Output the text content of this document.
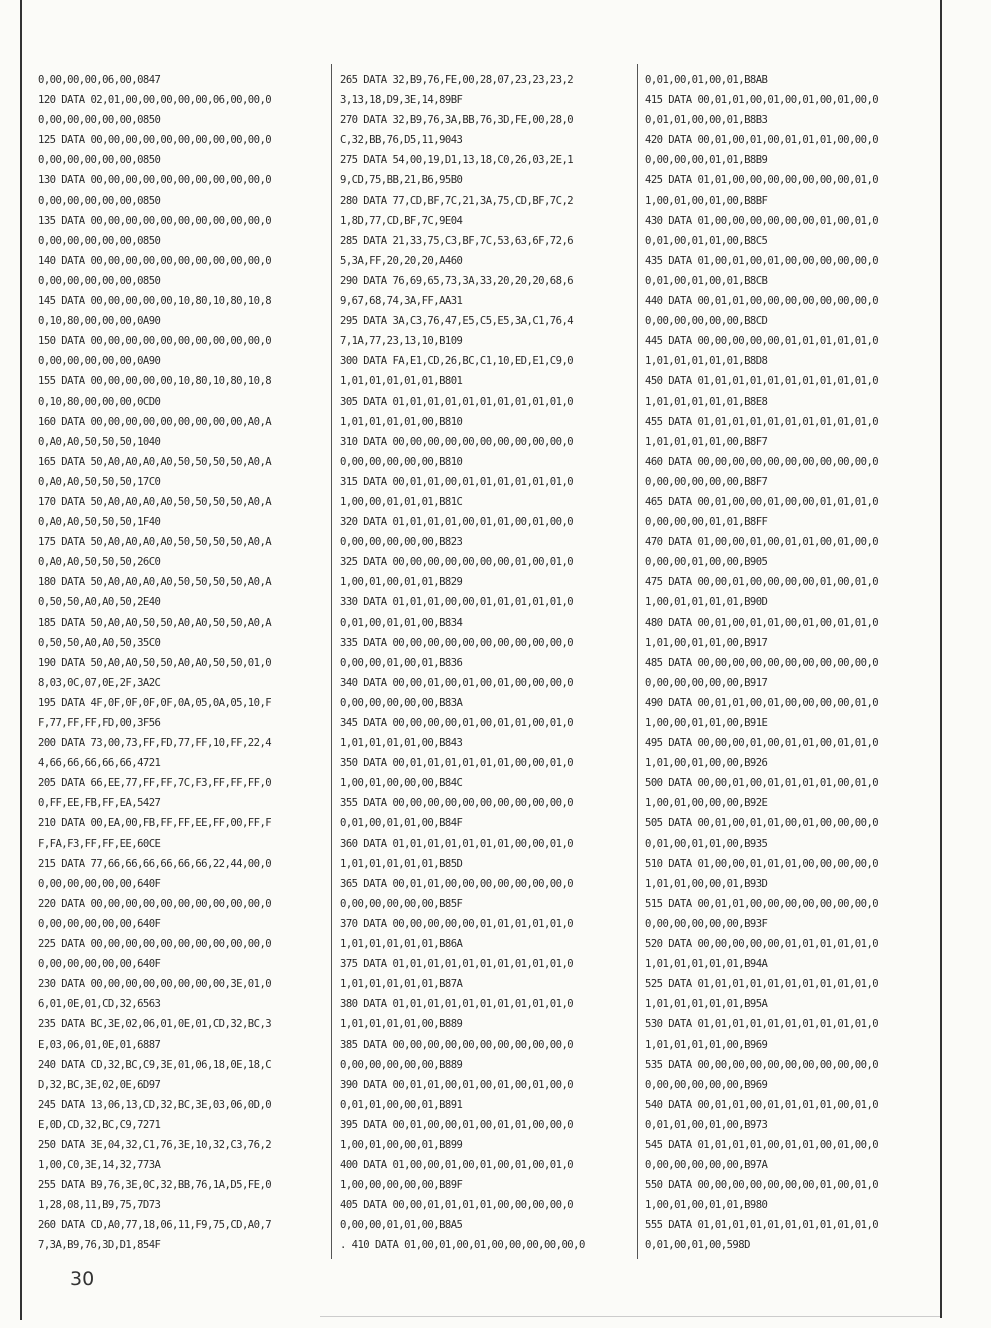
0,00,00,00,06,00,0847
120 DATA 02,01,00,00,00,00,00,06,00,00,0
0,00,00,00,00,00,0850
125 DATA 00,00,00,00,00,00,00,00,00,00,0
0,00,00,00,00,00,0850
130 DATA 00,00,00,00,00,00,00,00,00,00,0
0,00,00,00,00,00,0850
135 DATA 00,00,00,00,00,00,00,00,00,00,0
0,00,00,00,00,00,0850
140 DATA 00,00,00,00,00,00,00,00,00,00,0
0,00,00,00,00,00,0850
145 DATA 00,00,00,00,00,10,80,10,80,10,8
0,10,80,00,00,00,0A90
150 DATA 00,00,00,00,00,00,00,00,00,00,0
0,00,00,00,00,00,0A90
155 DATA 00,00,00,00,00,10,80,10,80,10,8
0,10,80,00,00,00,0CD0
160 DATA 00,00,00,00,00,00,00,00,00,A0,A
0,A0,A0,50,50,50,1040
165 DATA 50,A0,A0,A0,A0,50,50,50,50,A0,A
0,A0,A0,50,50,50,17C0
170 DATA 50,A0,A0,A0,A0,50,50,50,50,A0,A
0,A0,A0,50,50,50,1F40
175 DATA 50,A0,A0,A0,A0,50,50,50,50,A0,A
0,A0,A0,50,50,50,26C0
180 DATA 50,A0,A0,A0,A0,50,50,50,50,A0,A
0,50,50,A0,A0,50,2E40
185 DATA 50,A0,A0,50,50,A0,A0,50,50,A0,A
0,50,50,A0,A0,50,35C0
190 DATA 50,A0,A0,50,50,A0,A0,50,50,01,0
8,03,0C,07,0E,2F,3A2C
195 DATA 4F,0F,0F,0F,0F,0A,05,0A,05,10,F
F,77,FF,FF,FD,00,3F56
200 DATA 73,00,73,FF,FD,77,FF,10,FF,22,4
4,66,66,66,66,66,4721
205 DATA 66,EE,77,FF,FF,7C,F3,FF,FF,FF,0
0,FF,EE,FB,FF,EA,5427
210 DATA 00,EA,00,FB,FF,FF,EE,FF,00,FF,F
F,FA,F3,FF,FF,EE,60CE
215 DATA 77,66,66,66,66,66,66,22,44,00,0
0,00,00,00,00,00,640F
220 DATA 00,00,00,00,00,00,00,00,00,00,0
0,00,00,00,00,00,640F
225 DATA 00,00,00,00,00,00,00,00,00,00,0
0,00,00,00,00,00,640F
230 DATA 00,00,00,00,00,00,00,00,3E,01,0
6,01,0E,01,CD,32,6563
235 DATA BC,3E,02,06,01,0E,01,CD,32,BC,3
E,03,06,01,0E,01,6887
240 DATA CD,32,BC,C9,3E,01,06,18,0E,18,C
D,32,BC,3E,02,0E,6D97
245 DATA 13,06,13,CD,32,BC,3E,03,06,0D,0
E,0D,CD,32,BC,C9,7271
250 DATA 3E,04,32,C1,76,3E,10,32,C3,76,2
1,00,C0,3E,14,32,773A
255 DATA B9,76,3E,0C,32,BB,76,1A,D5,FE,0
1,28,08,11,B9,75,7D73
260 DATA CD,A0,77,18,06,11,F9,75,CD,A0,7
7,3A,B9,76,3D,D1,854F
265 DATA 32,B9,76,FE,00,28,07,23,23,23,2
3,13,18,D9,3E,14,89BF
270 DATA 32,B9,76,3A,BB,76,3D,FE,00,28,0
C,32,BB,76,D5,11,9043
275 DATA 54,00,19,D1,13,18,C0,26,03,2E,1
9,CD,75,BB,21,B6,95B0
280 DATA 77,CD,BF,7C,21,3A,75,CD,BF,7C,2
1,8D,77,CD,BF,7C,9E04
285 DATA 21,33,75,C3,BF,7C,53,63,6F,72,6
5,3A,FF,20,20,20,A460
290 DATA 76,69,65,73,3A,33,20,20,20,68,6
9,67,68,74,3A,FF,AA31
295 DATA 3A,C3,76,47,E5,C5,E5,3A,C1,76,4
7,1A,77,23,13,10,B109
300 DATA FA,E1,CD,26,BC,C1,10,ED,E1,C9,0
1,01,01,01,01,01,B801
305 DATA 01,01,01,01,01,01,01,01,01,01,0
1,01,01,01,01,00,B810
310 DATA 00,00,00,00,00,00,00,00,00,00,0
0,00,00,00,00,00,B810
315 DATA 00,01,01,00,01,01,01,01,01,01,0
1,00,00,01,01,01,B81C
320 DATA 01,01,01,01,00,01,01,00,01,00,0
0,00,00,00,00,00,B823
325 DATA 00,00,00,00,00,00,00,01,00,01,0
1,00,01,00,01,01,B829
330 DATA 01,01,01,00,00,01,01,01,01,01,0
0,01,00,01,01,00,B834
335 DATA 00,00,00,00,00,00,00,00,00,00,0
0,00,00,01,00,01,B836
340 DATA 00,00,01,00,01,00,01,00,00,00,0
0,00,00,00,00,00,B83A
345 DATA 00,00,00,00,01,00,01,01,00,01,0
1,01,01,01,01,00,B843
350 DATA 00,01,01,01,01,01,01,00,00,01,0
1,00,01,00,00,00,B84C
355 DATA 00,00,00,00,00,00,00,00,00,00,0
0,01,00,01,01,00,B84F
360 DATA 01,01,01,01,01,01,01,00,00,01,0
1,01,01,01,01,01,B85D
365 DATA 00,01,01,00,00,00,00,00,00,00,0
0,00,00,00,00,00,B85F
370 DATA 00,00,00,00,00,01,01,01,01,01,0
1,01,01,01,01,01,B86A
375 DATA 01,01,01,01,01,01,01,01,01,01,0
1,01,01,01,01,01,B87A
380 DATA 01,01,01,01,01,01,01,01,01,01,0
1,01,01,01,01,00,B889
385 DATA 00,00,00,00,00,00,00,00,00,00,0
0,00,00,00,00,00,B889
390 DATA 00,01,01,00,01,00,01,00,01,00,0
0,01,01,00,00,01,B891
395 DATA 00,01,00,00,01,00,01,01,00,00,0
1,00,01,00,00,01,B899
400 DATA 01,00,00,01,00,01,00,01,00,01,0
1,00,00,00,00,00,B89F
405 DATA 00,00,01,01,01,01,00,00,00,00,0
0,00,00,01,01,00,B8A5
. 410 DATA 01,00,01,00,01,00,00,00,00,00,0
0,01,00,01,00,01,B8AB
415 DATA 00,01,01,00,01,00,01,00,01,00,0
0,01,01,00,00,01,B8B3
420 DATA 00,01,00,01,00,01,01,01,00,00,0
0,00,00,00,01,01,B8B9
425 DATA 01,01,00,00,00,00,00,00,00,01,0
1,00,01,00,01,00,B8BF
430 DATA 01,00,00,00,00,00,00,01,00,01,0
0,01,00,01,01,00,B8C5
435 DATA 01,00,01,00,01,00,00,00,00,00,0
0,01,00,01,00,01,B8CB
440 DATA 00,01,01,00,00,00,00,00,00,00,0
0,00,00,00,00,00,B8CD
445 DATA 00,00,00,00,00,01,01,01,01,01,0
1,01,01,01,01,01,B8D8
450 DATA 01,01,01,01,01,01,01,01,01,01,0
1,01,01,01,01,01,B8E8
455 DATA 01,01,01,01,01,01,01,01,01,01,0
1,01,01,01,01,00,B8F7
460 DATA 00,00,00,00,00,00,00,00,00,00,0
0,00,00,00,00,00,B8F7
465 DATA 00,01,00,00,01,00,00,01,01,01,0
0,00,00,00,01,01,B8FF
470 DATA 01,00,00,01,00,01,01,00,01,00,0
0,00,00,01,00,00,B905
475 DATA 00,00,01,00,00,00,00,01,00,01,0
1,00,01,01,01,01,B90D
480 DATA 00,01,00,01,01,00,01,00,01,01,0
1,01,00,01,01,00,B917
485 DATA 00,00,00,00,00,00,00,00,00,00,0
0,00,00,00,00,00,B917
490 DATA 00,01,01,00,01,00,00,00,00,01,0
1,00,00,01,01,00,B91E
495 DATA 00,00,00,01,00,01,01,00,01,01,0
1,01,00,01,00,00,B926
500 DATA 00,00,01,00,01,01,01,01,00,01,0
1,00,01,00,00,00,B92E
505 DATA 00,01,00,01,01,00,01,00,00,00,0
0,01,00,01,01,00,B935
510 DATA 01,00,00,01,01,01,00,00,00,00,0
1,01,01,00,00,01,B93D
515 DATA 00,01,01,00,00,00,00,00,00,00,0
0,00,00,00,00,00,B93F
520 DATA 00,00,00,00,00,01,01,01,01,01,0
1,01,01,01,01,01,B94A
525 DATA 01,01,01,01,01,01,01,01,01,01,0
1,01,01,01,01,01,B95A
530 DATA 01,01,01,01,01,01,01,01,01,01,0
1,01,01,01,01,00,B969
535 DATA 00,00,00,00,00,00,00,00,00,00,0
0,00,00,00,00,00,B969
540 DATA 00,01,01,00,01,01,01,01,00,01,0
0,01,01,00,01,00,B973
545 DATA 01,01,01,01,00,01,01,00,01,00,0
0,00,00,00,00,00,B97A
550 DATA 00,00,00,00,00,00,00,01,00,01,0
1,00,01,00,01,01,B980
555 DATA 01,01,01,01,01,01,01,01,01,01,0
0,01,00,01,00,598D
30
